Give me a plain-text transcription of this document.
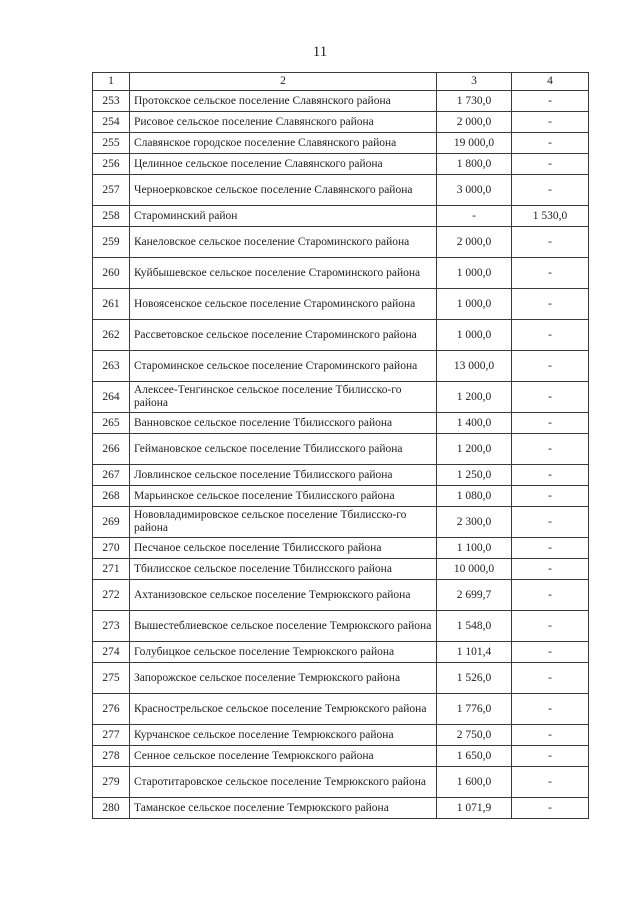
11
1	2	3	4
253	Протокское сельское поселение Славянского района	1 730,0	-
254	Рисовое сельское поселение Славянского района	2 000,0	-
255	Славянское городское поселение Славянского района	19 000,0	-
256	Целинное сельское поселение Славянского района	1 800,0	-
257	Черноерковское сельское поселение Славянского района	3 000,0	-
258	Староминский район	-	1 530,0
259	Канеловское сельское поселение Староминского района	2 000,0	-
260	Куйбышевское сельское поселение Староминского района	1 000,0	-
261	Новоясенское сельское поселение Староминского района	1 000,0	-
262	Рассветовское сельское поселение Староминского района	1 000,0	-
263	Староминское сельское поселение Староминского района	13 000,0	-
264	Алексее-Тенгинское сельское поселение Тбилисско-го района	1 200,0	-
265	Ванновское сельское поселение Тбилисского района	1 400,0	-
266	Геймановское сельское поселение Тбилисского района	1 200,0	-
267	Ловлинское сельское поселение Тбилисского района	1 250,0	-
268	Марьинское сельское поселение Тбилисского района	1 080,0	-
269	Нововладимировское сельское поселение Тбилисско-го района	2 300,0	-
270	Песчаное сельское поселение Тбилисского района	1 100,0	-
271	Тбилисское сельское поселение Тбилисского района	10 000,0	-
272	Ахтанизовское сельское поселение Темрюкского района	2 699,7	-
273	Вышестеблиевское сельское поселение Темрюкского района	1 548,0	-
274	Голубицкое сельское поселение Темрюкского района	1 101,4	-
275	Запорожское сельское поселение Темрюкского района	1 526,0	-
276	Краснострельское сельское поселение Темрюкского района	1 776,0	-
277	Курчанское сельское поселение Темрюкского района	2 750,0	-
278	Сенное сельское поселение Темрюкского района	1 650,0	-
279	Старотитаровское сельское поселение Темрюкского района	1 600,0	-
280	Таманское сельское поселение Темрюкского района	1 071,9	-
